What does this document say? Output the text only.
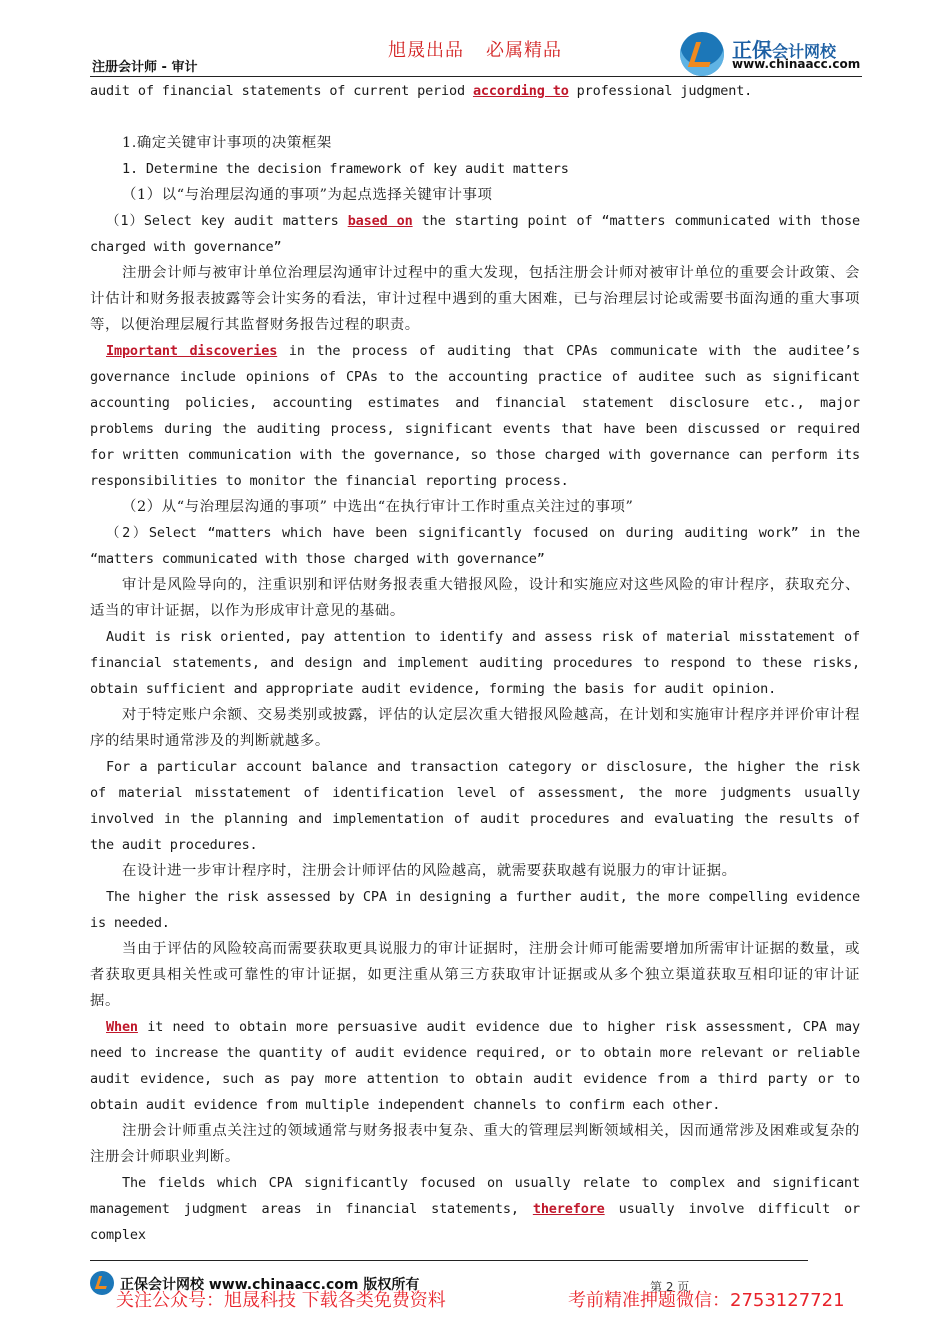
注册会计师 - 审计
旭晟出品 必属精品	正保会计网校
www.chinaacc.com

audit of financial statements of current period according to professional judgment.

1.确定关键审计事项的决策框架

1. Determine the decision framework of key audit matters

（1）以“与治理层沟通的事项”为起点选择关键审计事项

（1）Select key audit matters based on the starting point of “matters communicated with those charged with governance”

注册会计师与被审计单位治理层沟通审计过程中的重大发现，包括注册会计师对被审计单位的重要会计政策、会计估计和财务报表披露等会计实务的看法，审计过程中遇到的重大困难，已与治理层讨论或需要书面沟通的重大事项等，以便治理层履行其监督财务报告过程的职责。

Important discoveries in the process of auditing that CPAs communicate with the auditee’s governance include opinions of CPAs to the accounting practice of auditee such as significant accounting policies, accounting estimates and financial statement disclosure etc., major problems during the auditing process, significant events that have been discussed or required for written communication with the governance, so those charged with governance can perform its responsibilities to monitor the financial reporting process.

（2）从“与治理层沟通的事项” 中选出“在执行审计工作时重点关注过的事项”

（2）Select “matters which have been significantly focused on during auditing work” in the “matters communicated with those charged with governance”

审计是风险导向的，注重识别和评估财务报表重大错报风险，设计和实施应对这些风险的审计程序，获取充分、适当的审计证据，以作为形成审计意见的基础。

Audit is risk oriented, pay attention to identify and assess risk of material misstatement of financial statements, and design and implement auditing procedures to respond to these risks, obtain sufficient and appropriate audit evidence, forming the basis for audit opinion.

对于特定账户余额、交易类别或披露，评估的认定层次重大错报风险越高，在计划和实施审计程序并评价审计程序的结果时通常涉及的判断就越多。

For a particular account balance and transaction category or disclosure, the higher the risk of material misstatement of identification level of assessment, the more judgments usually involved in the planning and implementation of audit procedures and evaluating the results of the audit procedures.

在设计进一步审计程序时，注册会计师评估的风险越高，就需要获取越有说服力的审计证据。

The higher the risk assessed by CPA in designing a further audit, the more compelling evidence is needed.

当由于评估的风险较高而需要获取更具说服力的审计证据时，注册会计师可能需要增加所需审计证据的数量，或者获取更具相关性或可靠性的审计证据，如更注重从第三方获取审计证据或从多个独立渠道获取互相印证的审计证据。

When it need to obtain more persuasive audit evidence due to higher risk assessment, CPA may need to increase the quantity of audit evidence required, or to obtain more relevant or reliable audit evidence, such as pay more attention to obtain audit evidence from a third party or to obtain audit evidence from multiple independent channels to confirm each other.

注册会计师重点关注过的领域通常与财务报表中复杂、重大的管理层判断领域相关，因而通常涉及困难或复杂的注册会计师职业判断。

The fields which CPA significantly focused on usually relate to complex and significant management judgment areas in financial statements, therefore usually involve difficult or complex

正保会计网校 www.chinaacc.com 版权所有	第 2 页
关注公众号：旭晟科技 下载各类免费资料	考前精准押题微信：2753127721
